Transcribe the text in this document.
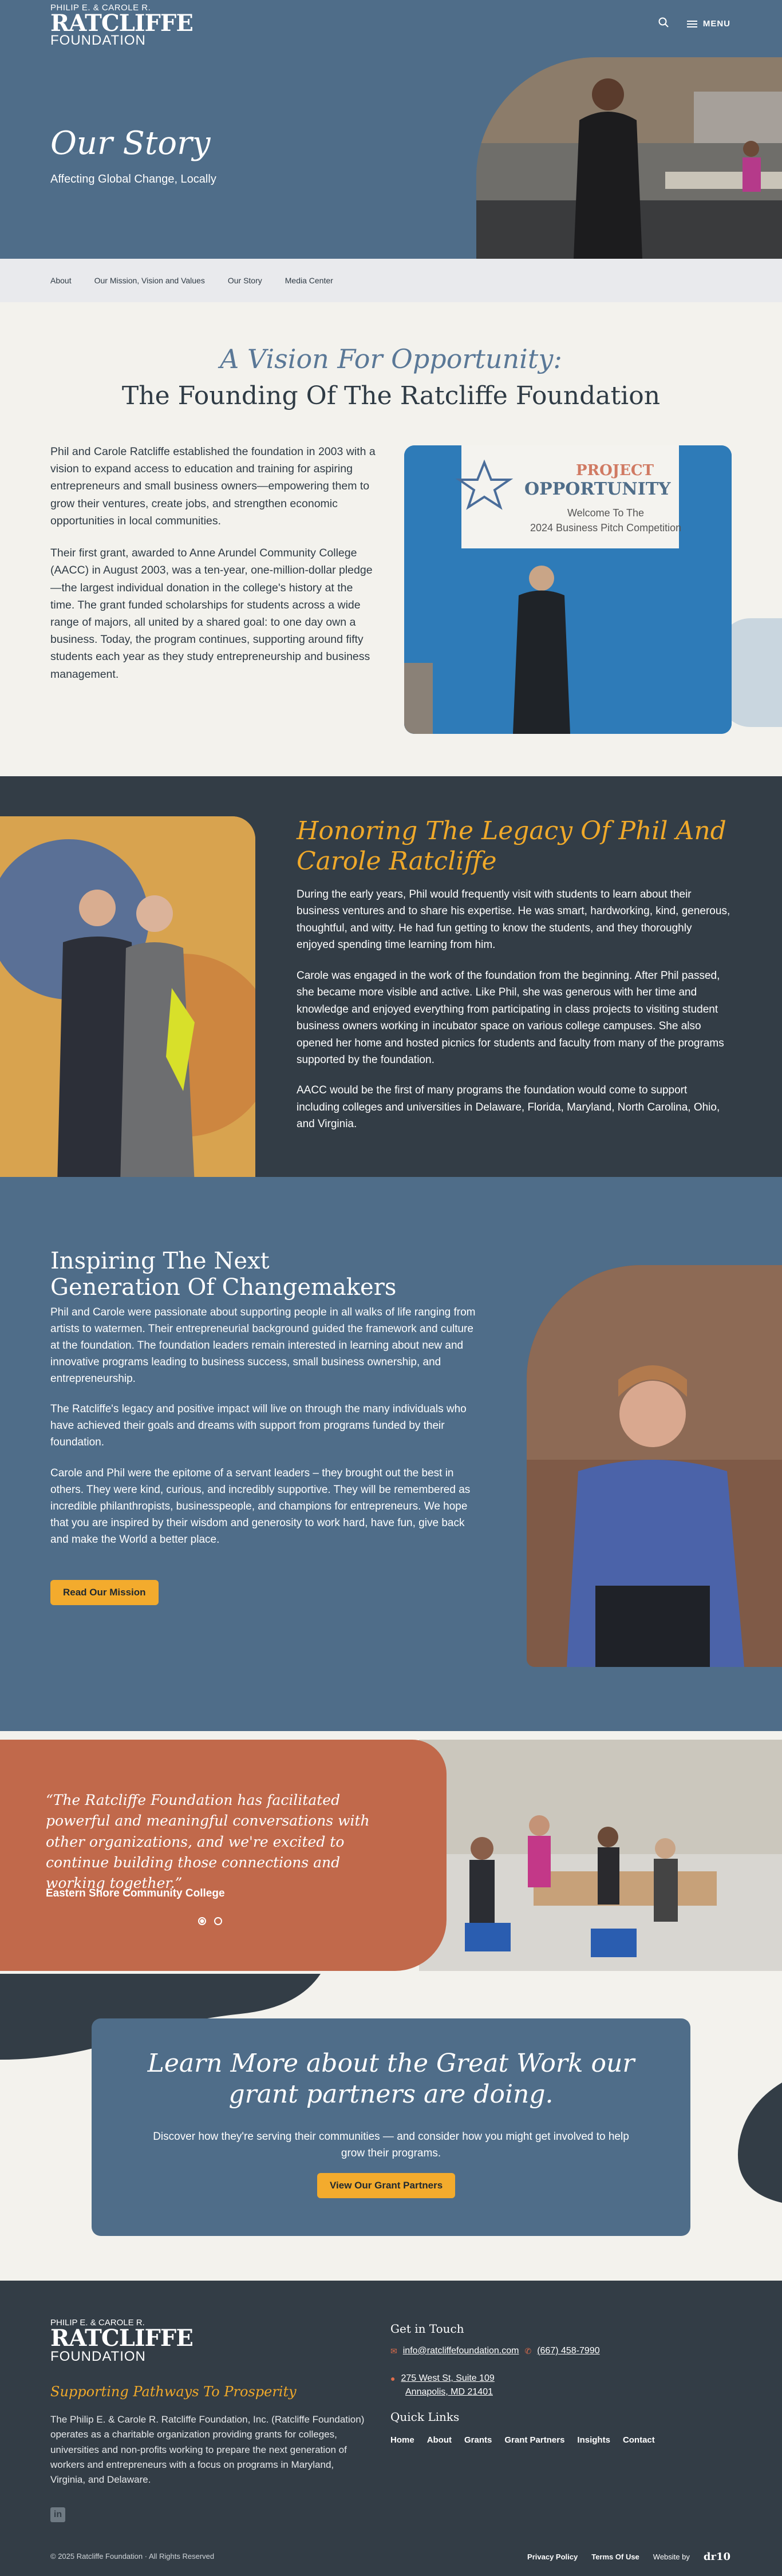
PHILIP E. & CAROLE R.
RATCLIFFE
FOUNDATION
MENU
Our Story
Affecting Global Change, Locally
About	Our Mission, Vision and Values	Our Story	Media Center
A Vision For Opportunity:
The Founding Of The Ratcliffe Foundation

Phil and Carole Ratcliffe established the foundation in 2003 with a vision to expand access to education and training for aspiring entrepreneurs and small business owners—empowering them to grow their ventures, create jobs, and strengthen economic opportunities in local communities.

Their first grant, awarded to Anne Arundel Community College (AACC) in August 2003, was a ten-year, one-million-dollar pledge—the largest individual donation in the college's history at the time. The grant funded scholarships for students across a wide range of majors, all united by a shared goal: to one day own a business. Today, the program continues, supporting around fifty students each year as they study entrepreneurship and business management.

PROJECT
OPPORTUNITY
Welcome To The
2024 Business Pitch Competition
Honoring The Legacy Of Phil And Carole Ratcliffe

During the early years, Phil would frequently visit with students to learn about their business ventures and to share his expertise. He was smart, hardworking, kind, generous, thoughtful, and witty. He had fun getting to know the students, and they thoroughly enjoyed spending time learning from him.

Carole was engaged in the work of the foundation from the beginning. After Phil passed, she became more visible and active. Like Phil, she was generous with her time and knowledge and enjoyed everything from participating in class projects to visiting student business owners working in incubator space on various college campuses. She also opened her home and hosted picnics for students and faculty from many of the programs supported by the foundation.

AACC would be the first of many programs the foundation would come to support including colleges and universities in Delaware, Florida, Maryland, North Carolina, Ohio, and Virginia.

Inspiring The Next Generation Of Changemakers

Phil and Carole were passionate about supporting people in all walks of life ranging from artists to watermen. Their entrepreneurial background guided the framework and culture at the foundation. The foundation leaders remain interested in learning about new and innovative programs leading to business success, small business ownership, and entrepreneurship.

The Ratcliffe's legacy and positive impact will live on through the many individuals who have achieved their goals and dreams with support from programs funded by their foundation.

Carole and Phil were the epitome of a servant leaders – they brought out the best in others. They were kind, curious, and incredibly supportive. They will be remembered as incredible philanthropists, businesspeople, and champions for entrepreneurs. We hope that you are inspired by their wisdom and generosity to work hard, have fun, give back and make the World a better place.

Read Our Mission
“The Ratcliffe Foundation has facilitated powerful and meaningful conversations with other organizations, and we're excited to continue building those connections and working together.”
Eastern Shore Community College
Learn More about the Great Work our grant partners are doing.
Discover how they're serving their communities — and consider how you might get involved to help grow their programs.
View Our Grant Partners
PHILIP E. & CAROLE R.
RATCLIFFE
FOUNDATION
Supporting Pathways To Prosperity
The Philip E. & Carole R. Ratcliffe Foundation, Inc. (Ratcliffe Foundation) operates as a charitable organization providing grants for colleges, universities and non-profits working to prepare the next generation of workers and entrepreneurs with a focus on programs in Maryland, Virginia, and Delaware.
in
Get in Touch
✉ info@ratcliffefoundation.com ✆ (667) 458-7990
● 275 West St, Suite 109
Annapolis, MD 21401
Quick Links
Home About Grants Grant Partners Insights Contact
© 2025 Ratcliffe Foundation · All Rights Reserved	Privacy Policy Terms Of Use Website by dr10
